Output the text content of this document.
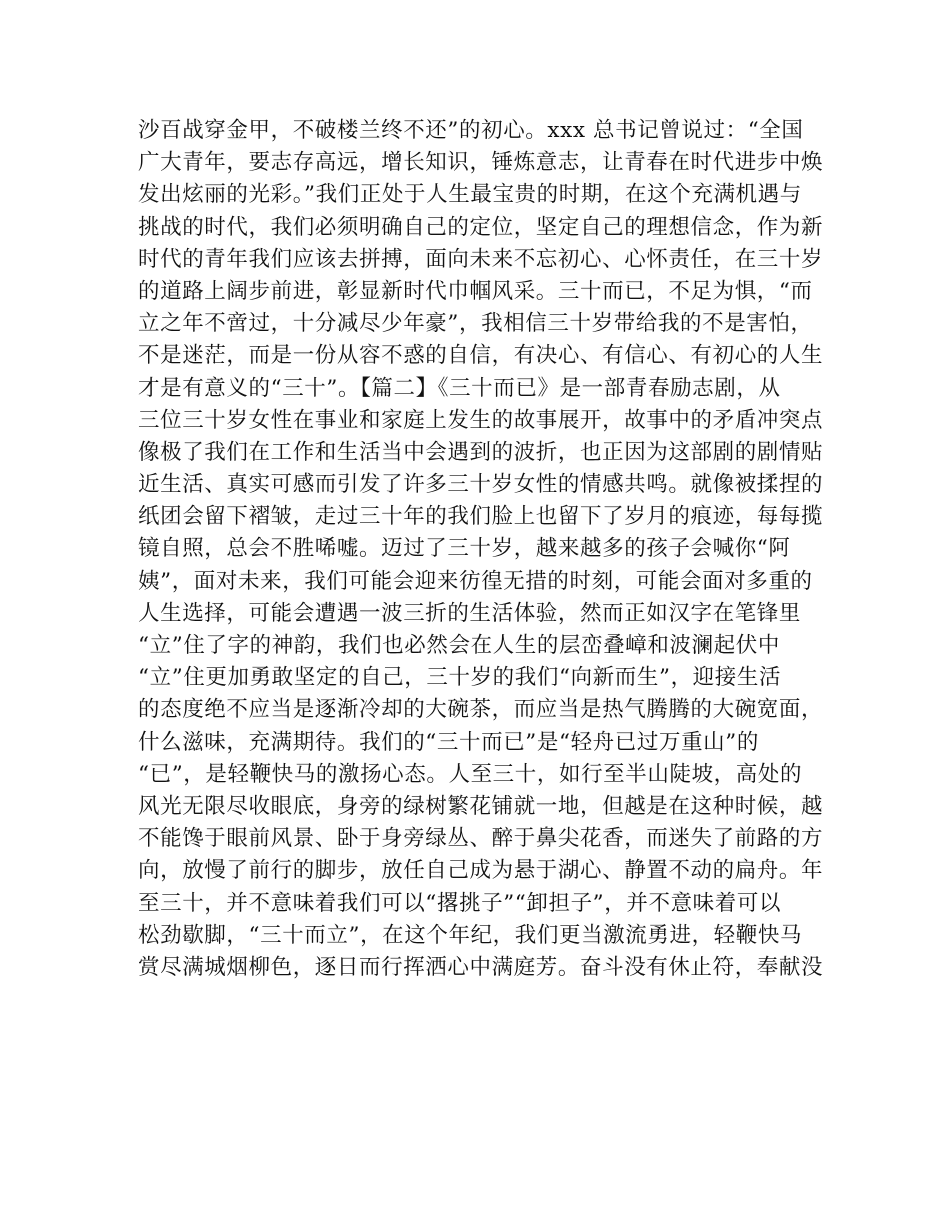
沙百战穿金甲，不破楼兰终不还”的初心。xxx 总书记曾说过：“全国
广大青年，要志存高远，增长知识，锤炼意志，让青春在时代进步中焕
发出炫丽的光彩。”我们正处于人生最宝贵的时期，在这个充满机遇与
挑战的时代，我们必须明确自己的定位，坚定自己的理想信念，作为新
时代的青年我们应该去拼搏，面向未来不忘初心、心怀责任，在三十岁
的道路上阔步前进，彰显新时代巾帼风采。三十而已，不足为惧，“而
立之年不啻过，十分减尽少年豪”，我相信三十岁带给我的不是害怕，
不是迷茫，而是一份从容不惑的自信，有决心、有信心、有初心的人生
才是有意义的“三十”。【篇二】《三十而已》是一部青春励志剧，从
三位三十岁女性在事业和家庭上发生的故事展开，故事中的矛盾冲突点
像极了我们在工作和生活当中会遇到的波折，也正因为这部剧的剧情贴
近生活、真实可感而引发了许多三十岁女性的情感共鸣。就像被揉捏的
纸团会留下褶皱，走过三十年的我们脸上也留下了岁月的痕迹，每每揽
镜自照，总会不胜唏嘘。迈过了三十岁，越来越多的孩子会喊你“阿
姨”，面对未来，我们可能会迎来彷徨无措的时刻，可能会面对多重的
人生选择，可能会遭遇一波三折的生活体验，然而正如汉字在笔锋里
“立”住了字的神韵，我们也必然会在人生的层峦叠嶂和波澜起伏中
“立”住更加勇敢坚定的自己，三十岁的我们“向新而生”，迎接生活
的态度绝不应当是逐渐冷却的大碗茶，而应当是热气腾腾的大碗宽面，
什么滋味，充满期待。我们的“三十而已”是“轻舟已过万重山”的
“已”，是轻鞭快马的激扬心态。人至三十，如行至半山陡坡，高处的
风光无限尽收眼底，身旁的绿树繁花铺就一地，但越是在这种时候，越
不能馋于眼前风景、卧于身旁绿丛、醉于鼻尖花香，而迷失了前路的方
向，放慢了前行的脚步，放任自己成为悬于湖心、静置不动的扁舟。年
至三十，并不意味着我们可以“撂挑子”“卸担子”，并不意味着可以
松劲歇脚，“三十而立”，在这个年纪，我们更当激流勇进，轻鞭快马
赏尽满城烟柳色，逐日而行挥洒心中满庭芳。奋斗没有休止符，奉献没
